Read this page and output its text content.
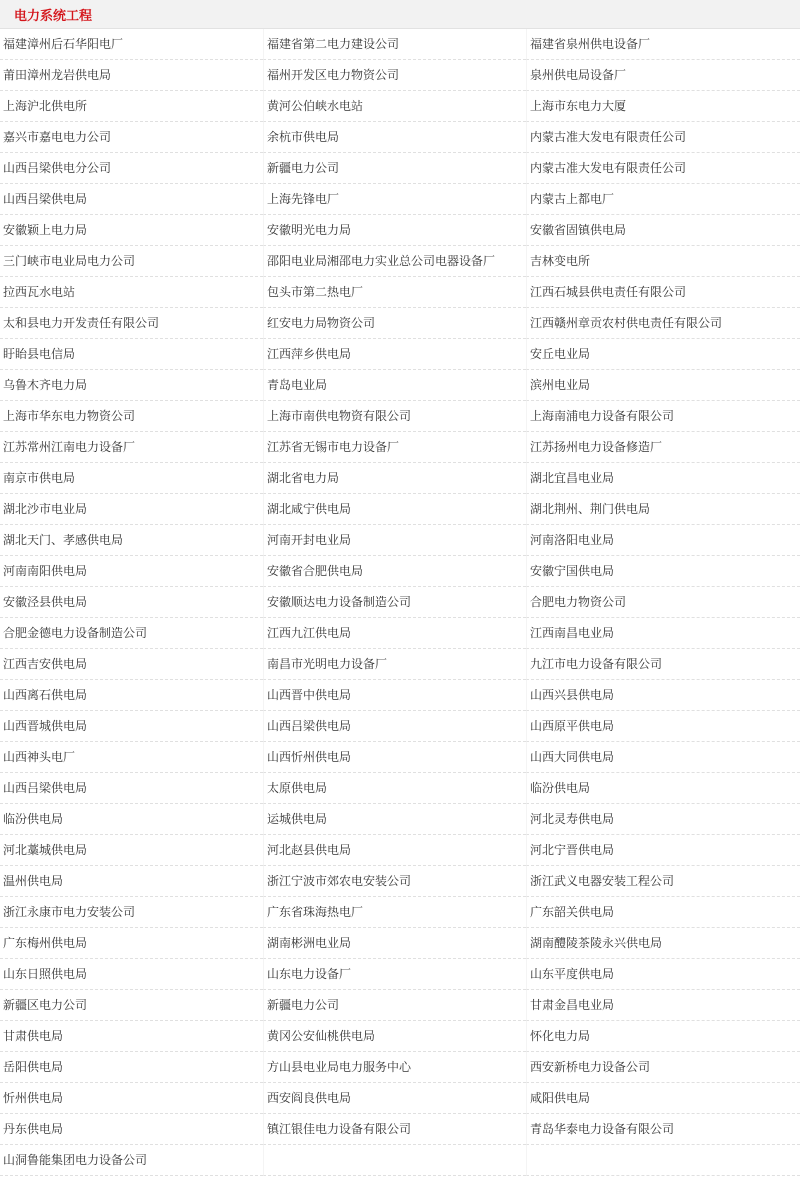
电力系统工程
福建漳州后石华阳电厂	福建省第二电力建设公司	福建省泉州供电设备厂
莆田漳州龙岩供电局	福州开发区电力物资公司	泉州供电局设备厂
上海沪北供电所	黄河公伯峡水电站	上海市东电力大厦
嘉兴市嘉电电力公司	余杭市供电局	内蒙古准大发电有限责任公司
山西吕梁供电分公司	新疆电力公司	内蒙古准大发电有限责任公司
山西吕梁供电局	上海先锋电厂	内蒙古上都电厂
安徽颖上电力局	安徽明光电力局	安徽省固镇供电局
三门峡市电业局电力公司	邵阳电业局湘邵电力实业总公司电器设备厂	吉林变电所
拉西瓦水电站	包头市第二热电厂	江西石城县供电责任有限公司
太和县电力开发责任有限公司	红安电力局物资公司	江西赣州章贡农村供电责任有限公司
盱眙县电信局	江西萍乡供电局	安丘电业局
乌鲁木齐电力局	青岛电业局	滨州电业局
上海市华东电力物资公司	上海市南供电物资有限公司	上海南浦电力设备有限公司
江苏常州江南电力设备厂	江苏省无锡市电力设备厂	江苏扬州电力设备修造厂
南京市供电局	湖北省电力局	湖北宜昌电业局
湖北沙市电业局	湖北咸宁供电局	湖北荆州、荆门供电局
湖北天门、孝感供电局	河南开封电业局	河南洛阳电业局
河南南阳供电局	安徽省合肥供电局	安徽宁国供电局
安徽泾县供电局	安徽顺达电力设备制造公司	合肥电力物资公司
合肥金德电力设备制造公司	江西九江供电局	江西南昌电业局
江西吉安供电局	南昌市光明电力设备厂	九江市电力设备有限公司
山西离石供电局	山西晋中供电局	山西兴县供电局
山西晋城供电局	山西吕梁供电局	山西原平供电局
山西神头电厂	山西忻州供电局	山西大同供电局
山西吕梁供电局	太原供电局	临汾供电局
临汾供电局	运城供电局	河北灵寿供电局
河北藁城供电局	河北赵县供电局	河北宁晋供电局
温州供电局	浙江宁波市郊农电安装公司	浙江武义电器安装工程公司
浙江永康市电力安装公司	广东省珠海热电厂	广东韶关供电局
广东梅州供电局	湖南彬洲电业局	湖南醴陵茶陵永兴供电局
山东日照供电局	山东电力设备厂	山东平度供电局
新疆区电力公司	新疆电力公司	甘肃金昌电业局
甘肃供电局	黄冈公安仙桃供电局	怀化电力局
岳阳供电局	方山县电业局电力服务中心	西安新桥电力设备公司
忻州供电局	西安阎良供电局	咸阳供电局
丹东供电局	镇江银佳电力设备有限公司	青岛华泰电力设备有限公司
山洞鲁能集团电力设备公司
